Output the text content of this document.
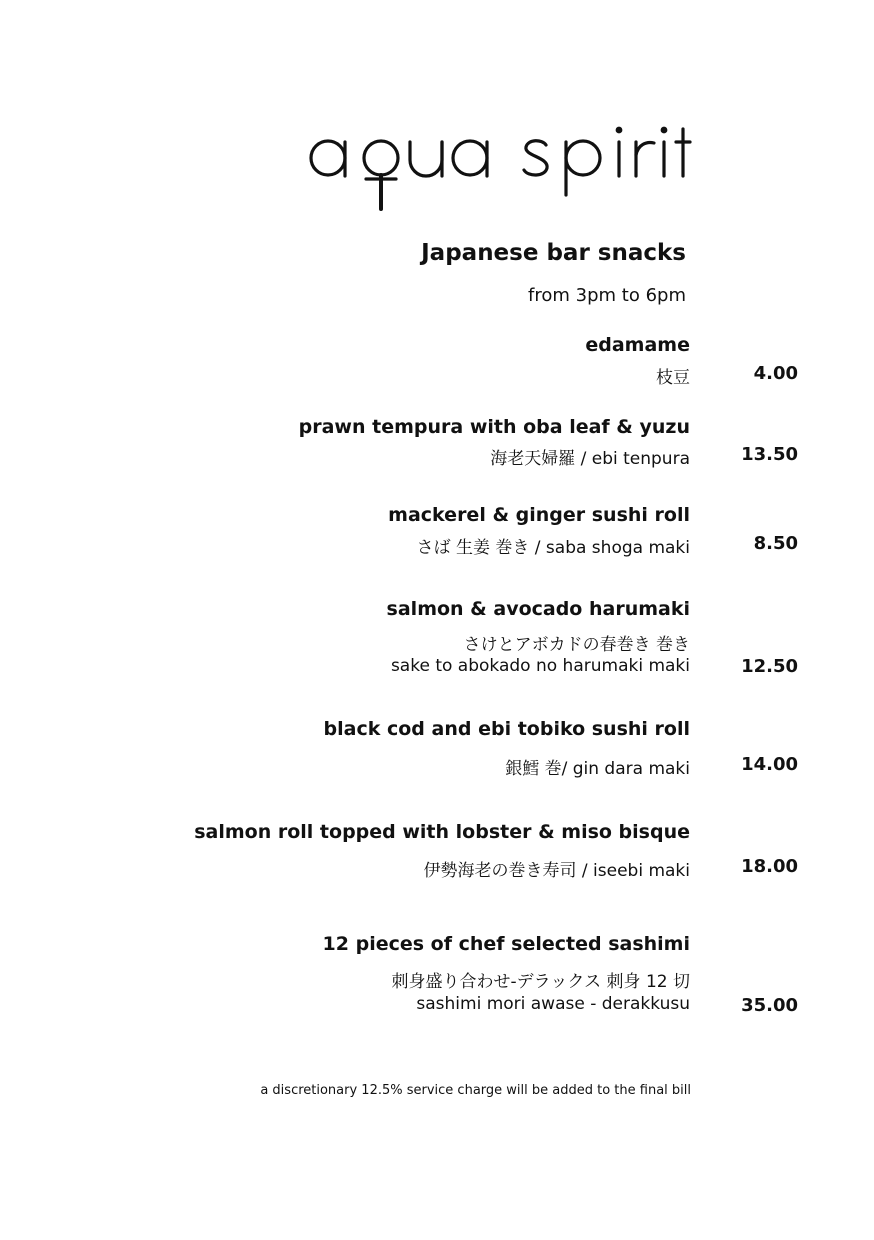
Japanese bar snacks
from 3pm to 6pm
edamame
枝豆	4.00
prawn tempura with oba leaf & yuzu
海老天婦羅 / ebi tenpura	13.50
mackerel & ginger sushi roll
さば 生姜 巻き / saba shoga maki	8.50
salmon & avocado harumaki
さけとアボカドの春巻き 巻き
sake to abokado no harumaki maki	12.50
black cod and ebi tobiko sushi roll
銀鱈 巻/ gin dara maki	14.00
salmon roll topped with lobster & miso bisque
伊勢海老の巻き寿司 / iseebi maki	18.00
12 pieces of chef selected sashimi
刺身盛り合わせ-デラックス 刺身 12 切
sashimi mori awase - derakkusu	35.00
a discretionary 12.5% service charge will be added to the final bill
